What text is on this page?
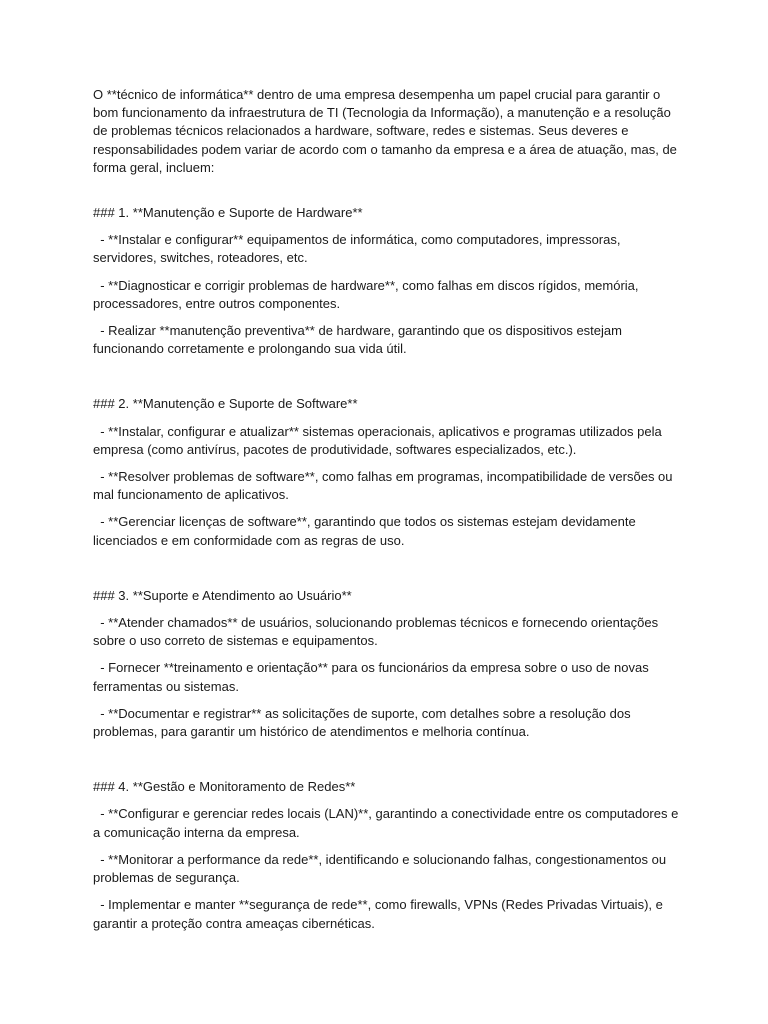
O **técnico de informática** dentro de uma empresa desempenha um papel crucial para garantir o bom funcionamento da infraestrutura de TI (Tecnologia da Informação), a manutenção e a resolução de problemas técnicos relacionados a hardware, software, redes e sistemas. Seus deveres e responsabilidades podem variar de acordo com o tamanho da empresa e a área de atuação, mas, de forma geral, incluem:

### 1. **Manutenção e Suporte de Hardware**

- **Instalar e configurar** equipamentos de informática, como computadores, impressoras, servidores, switches, roteadores, etc.

- **Diagnosticar e corrigir problemas de hardware**, como falhas em discos rígidos, memória, processadores, entre outros componentes.

- Realizar **manutenção preventiva** de hardware, garantindo que os dispositivos estejam funcionando corretamente e prolongando sua vida útil.

### 2. **Manutenção e Suporte de Software**

- **Instalar, configurar e atualizar** sistemas operacionais, aplicativos e programas utilizados pela empresa (como antivírus, pacotes de produtividade, softwares especializados, etc.).

- **Resolver problemas de software**, como falhas em programas, incompatibilidade de versões ou mal funcionamento de aplicativos.

- **Gerenciar licenças de software**, garantindo que todos os sistemas estejam devidamente licenciados e em conformidade com as regras de uso.

### 3. **Suporte e Atendimento ao Usuário**

- **Atender chamados** de usuários, solucionando problemas técnicos e fornecendo orientações sobre o uso correto de sistemas e equipamentos.

- Fornecer **treinamento e orientação** para os funcionários da empresa sobre o uso de novas ferramentas ou sistemas.

- **Documentar e registrar** as solicitações de suporte, com detalhes sobre a resolução dos problemas, para garantir um histórico de atendimentos e melhoria contínua.

### 4. **Gestão e Monitoramento de Redes**

- **Configurar e gerenciar redes locais (LAN)**, garantindo a conectividade entre os computadores e a comunicação interna da empresa.

- **Monitorar a performance da rede**, identificando e solucionando falhas, congestionamentos ou problemas de segurança.

- Implementar e manter **segurança de rede**, como firewalls, VPNs (Redes Privadas Virtuais), e garantir a proteção contra ameaças cibernéticas.
